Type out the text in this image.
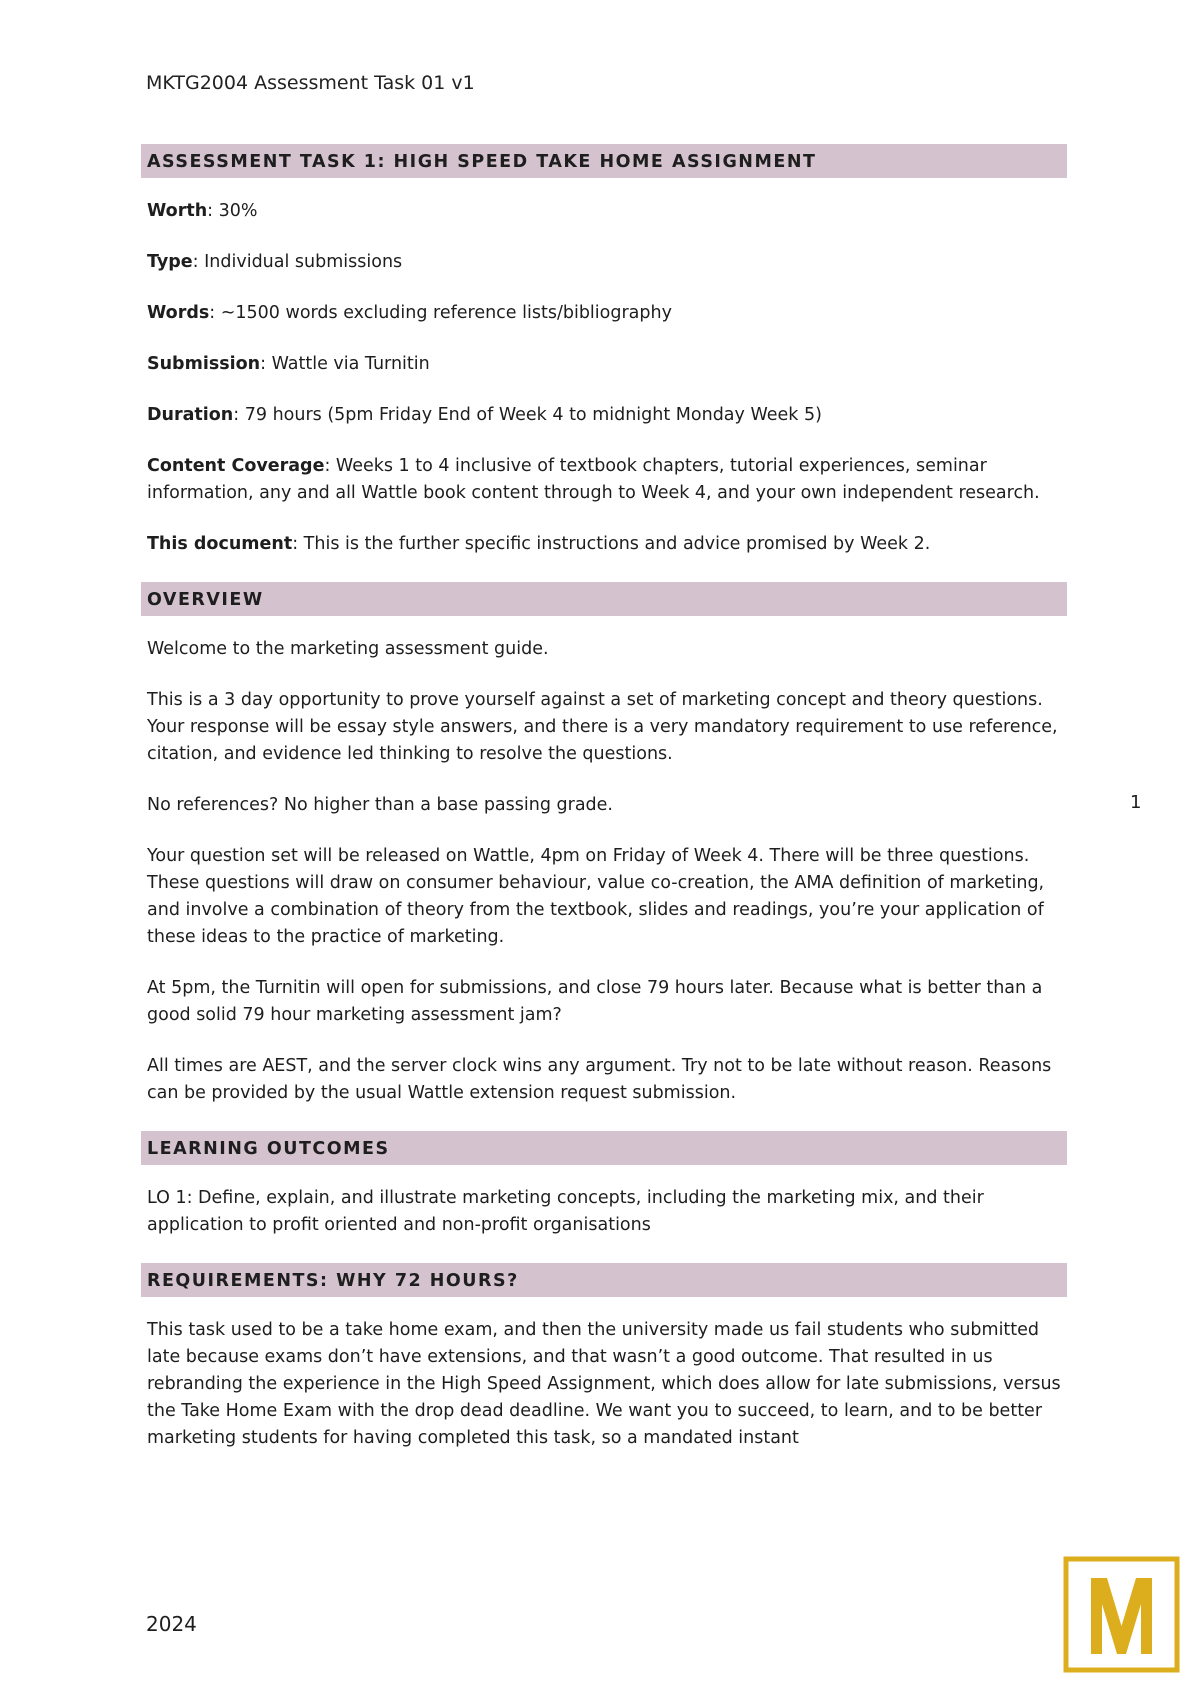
MKTG2004 Assessment Task 01 v1
ASSESSMENT TASK 1: HIGH SPEED TAKE HOME ASSIGNMENT
Worth: 30%
Type: Individual submissions
Words: ~1500 words excluding reference lists/bibliography
Submission: Wattle via Turnitin
Duration: 79 hours (5pm Friday End of Week 4 to midnight Monday Week 5)
Content Coverage: Weeks 1 to 4 inclusive of textbook chapters, tutorial experiences, seminar information, any and all Wattle book content through to Week 4, and your own independent research.
This document: This is the further specific instructions and advice promised by Week 2.
OVERVIEW

Welcome to the marketing assessment guide.

This is a 3 day opportunity to prove yourself against a set of marketing concept and theory questions. Your response will be essay style answers, and there is a very mandatory requirement to use reference, citation, and evidence led thinking to resolve the questions.

No references? No higher than a base passing grade.

Your question set will be released on Wattle, 4pm on Friday of Week 4. There will be three questions. These questions will draw on consumer behaviour, value co-creation, the AMA definition of marketing, and involve a combination of theory from the textbook, slides and readings, you’re your application of these ideas to the practice of marketing.

At 5pm, the Turnitin will open for submissions, and close 79 hours later. Because what is better than a good solid 79 hour marketing assessment jam?

All times are AEST, and the server clock wins any argument. Try not to be late without reason. Reasons can be provided by the usual Wattle extension request submission.

LEARNING OUTCOMES

LO 1: Define, explain, and illustrate marketing concepts, including the marketing mix, and their application to profit oriented and non-profit organisations

REQUIREMENTS: WHY 72 HOURS?

This task used to be a take home exam, and then the university made us fail students who submitted late because exams don’t have extensions, and that wasn’t a good outcome. That resulted in us rebranding the experience in the High Speed Assignment, which does allow for late submissions, versus the Take Home Exam with the drop dead deadline. We want you to succeed, to learn, and to be better marketing students for having completed this task, so a mandated instant

1
2024
